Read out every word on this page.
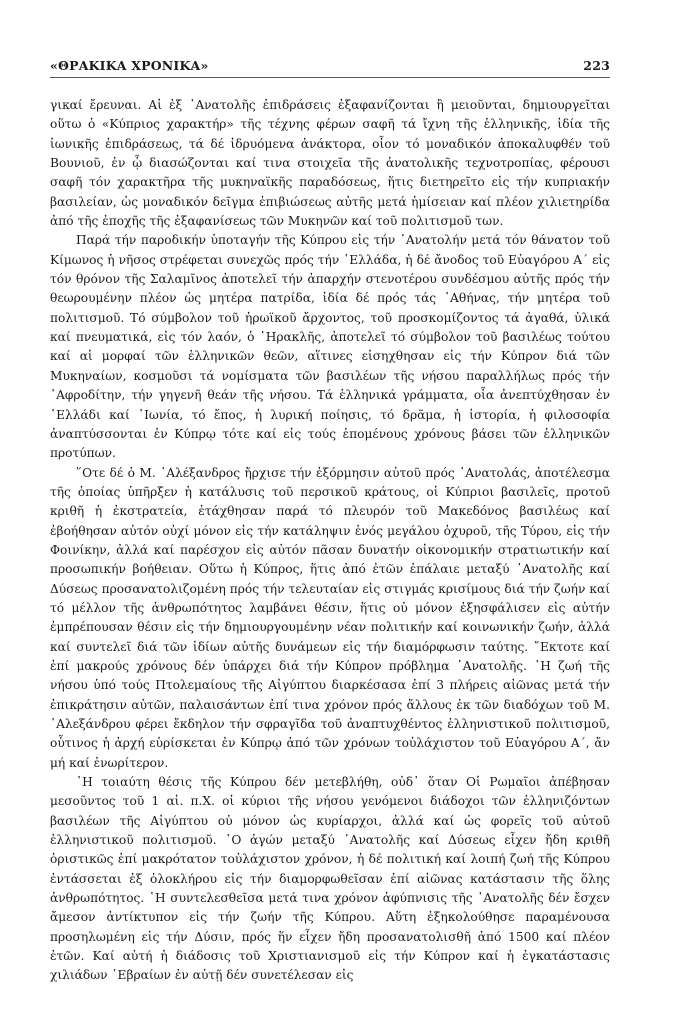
«ΘΡΑΚΙΚΑ ΧΡΟΝΙΚΑ»	223

γικαί ἔρευναι. Αἱ ἐξ ᾽Ανατολῆς ἐπιδράσεις ἐξαφανίζονται ἢ μειοῦνται, δημιουργεῖται οὕτω ὁ «Κύπριος χαρακτήρ» τῆς τέχνης φέρων σαφῆ τά ἴχνη τῆς ἑλληνικῆς, ἰδία τῆς ἰωνικῆς ἐπιδράσεως, τά δέ ἱδρυόμενα ἀνάκτορα, οἷον τό μοναδικόν ἀποκαλυφθέν τοῦ Βουνιοῦ, ἐν ᾧ διασώζονται καί τινα στοιχεῖα τῆς ἀνατολικῆς τεχνοτροπίας, φέρουσι σαφῆ τόν χαρακτῆρα τῆς μυκηναϊκῆς παραδόσεως, ἥτις διετηρεῖτο εἰς τήν κυπριακήν βασιλείαν, ὡς μοναδικόν δεῖγμα ἐπιβιώσεως αὐτῆς μετά ἡμίσειαν καί πλέον χιλιετηρίδα ἀπό τῆς ἐποχῆς τῆς ἐξαφανίσεως τῶν Μυκηνῶν καί τοῦ πολιτισμοῦ των.

Παρά τήν παροδικήν ὑποταγήν τῆς Κύπρου εἰς τήν ᾽Ανατολήν μετά τόν θάνατον τοῦ Κίμωνος ἡ νῆσος στρέφεται συνεχῶς πρός τήν ῾Ελλάδα, ἡ δέ ἄνοδος τοῦ Εὐαγόρου Α΄ εἰς τόν θρόνον τῆς Σαλαμῖνος ἀποτελεῖ τήν ἀπαρχήν στενοτέρου συνδέσμου αὐτῆς πρός τήν θεωρουμένην πλέον ὡς μητέρα πατρίδα, ἰδία δέ πρός τάς ᾽Αθήνας, τήν μητέρα τοῦ πολιτισμοῦ. Τό σύμβολον τοῦ ἡρωϊκοῦ ἄρχοντος, τοῦ προσκομίζοντος τά ἀγαθά, ὑλικά καί πνευματικά, εἰς τόν λαόν, ὁ ῾Ηρακλῆς, ἀποτελεῖ τό σύμβολον τοῦ βασιλέως τούτου καί αἱ μορφαί τῶν ἑλληνικῶν θεῶν, αἵτινες εἰσηχθησαν εἰς τήν Κύπρον διά τῶν Μυκηναίων, κοσμοῦσι τά νομίσματα τῶν βασιλέων τῆς νήσου παραλλήλως πρός τήν ᾽Αφροδίτην, τήν γηγενῆ θεάν τῆς νήσου. Τά ἑλληνικά γράμματα, οἷα ἀνεπτύχθησαν ἐν ῾Ελλάδι καί ᾽Ιωνία, τό ἔπος, ἡ λυρική ποίησις, τό δρᾶμα, ἡ ἱστορία, ἡ φιλοσοφία ἀναπτύσσονται ἐν Κύπρῳ τότε καί εἰς τούς ἑπομένους χρόνους βάσει τῶν ἑλληνικῶν προτύπων.

῞Οτε δέ ὁ Μ. ᾽Αλέξανδρος ἤρχισε τήν ἐξόρμησιν αὐτοῦ πρός ᾽Ανατολάς, ἀποτέλεσμα τῆς ὁποίας ὑπῆρξεν ἡ κατάλυσις τοῦ περσικοῦ κράτους, οἱ Κύπριοι βασιλεῖς, προτοῦ κριθῆ ἡ ἐκστρατεία, ἐτάχθησαν παρά τό πλευρόν τοῦ Μακεδόνος βασιλέως καί ἐβοήθησαν αὐτόν οὐχί μόνον εἰς τήν κατάληψιν ἑνός μεγάλου ὀχυροῦ, τῆς Τύρου, εἰς τήν Φοινίκην, ἀλλά καί παρέσχον εἰς αὐτόν πᾶσαν δυνατήν οἰκονομικήν στρατιωτικήν καί προσωπικήν βοήθειαν. Οὕτω ἡ Κύπρος, ἥτις ἀπό ἐτῶν ἐπάλαιε μεταξύ ᾽Ανατολῆς καί Δύσεως προσανατολιζομένη πρός τήν τελευταίαν εἰς στιγμάς κρισίμους διά τήν ζωήν καί τό μέλλον τῆς ἀνθρωπότητος λαμβάνει θέσιν, ἥτις οὐ μόνον ἐξησφάλισεν εἰς αὐτήν ἐμπρέπουσαν θέσιν εἰς τήν δημιουργουμένην νέαν πολιτικήν καί κοινωνικήν ζωήν, ἀλλά καί συντελεῖ διά τῶν ἰδίων αὐτῆς δυνάμεων εἰς τήν διαμόρφωσιν ταύτης. ῎Εκτοτε καί ἐπί μακρούς χρόνους δέν ὑπάρχει διά τήν Κύπρον πρόβλημα ᾽Ανατολῆς. ῾Η ζωή τῆς νήσου ὑπό τούς Πτολεμαίους τῆς Αἰγύπτου διαρκέσασα ἐπί 3 πλήρεις αἰῶνας μετά τήν ἐπικράτησιν αὐτῶν, παλαισάντων ἐπί τινα χρόνον πρός ἄλλους ἐκ τῶν διαδόχων τοῦ Μ. ᾽Αλεξάνδρου φέρει ἔκδηλον τήν σφραγῖδα τοῦ ἀναπτυχθέντος ἑλληνιστικοῦ πολιτισμοῦ, οὗτινος ἡ ἀρχή εὑρίσκεται ἐν Κύπρῳ ἀπό τῶν χρόνων τοὐλάχιστον τοῦ Εὐαγόρου Α΄, ἄν μή καί ἐνωρίτερον.

῾Η τοιαύτη θέσις τῆς Κύπρου δέν μετεβλήθη, οὐδ᾽ ὅταν Οἱ Ρωμαῖοι ἀπέβησαν μεσοῦντος τοῦ 1 αἰ. π.Χ. οἱ κύριοι τῆς νήσου γενόμενοι διάδοχοι τῶν ἑλληνιζόντων βασιλέων τῆς Αἰγύπτου οὐ μόνον ὡς κυρίαρχοι, ἀλλά καί ὡς φορεῖς τοῦ αὐτοῦ ἑλληνιστικοῦ πολιτισμοῦ. ῾Ο ἀγών μεταξύ ᾽Ανατολῆς καί Δύσεως εἶχεν ἤδη κριθῆ ὁριστικῶς ἐπί μακρότατον τοὐλάχιστον χρόνον, ἡ δέ πολιτική καί λοιπή ζωή τῆς Κύπρου ἐντάσσεται ἐξ ὁλοκλήρου εἰς τήν διαμορφωθεῖσαν ἐπί αἰῶνας κατάστασιν τῆς ὅλης ἀνθρωπότητος. ῾Η συντελεσθεῖσα μετά τινα χρόνον ἀφύπνισις τῆς ᾽Ανατολῆς δέν ἔσχεν ἄμεσον ἀντίκτυπον εἰς τήν ζωήν τῆς Κύπρου. Αὕτη ἐξηκολούθησε παραμένουσα προσηλωμένη εἰς τήν Δύσιν, πρός ἥν εἶχεν ἤδη προσανατολισθῆ ἀπό 1500 καί πλέον ἐτῶν. Καί αὐτή ἡ διάδοσις τοῦ Χριστιανισμοῦ εἰς τήν Κύπρον καί ἡ ἐγκατάστασις χιλιάδων ῾Εβραίων ἐν αὐτῇ δέν συνετέλεσαν εἰς
